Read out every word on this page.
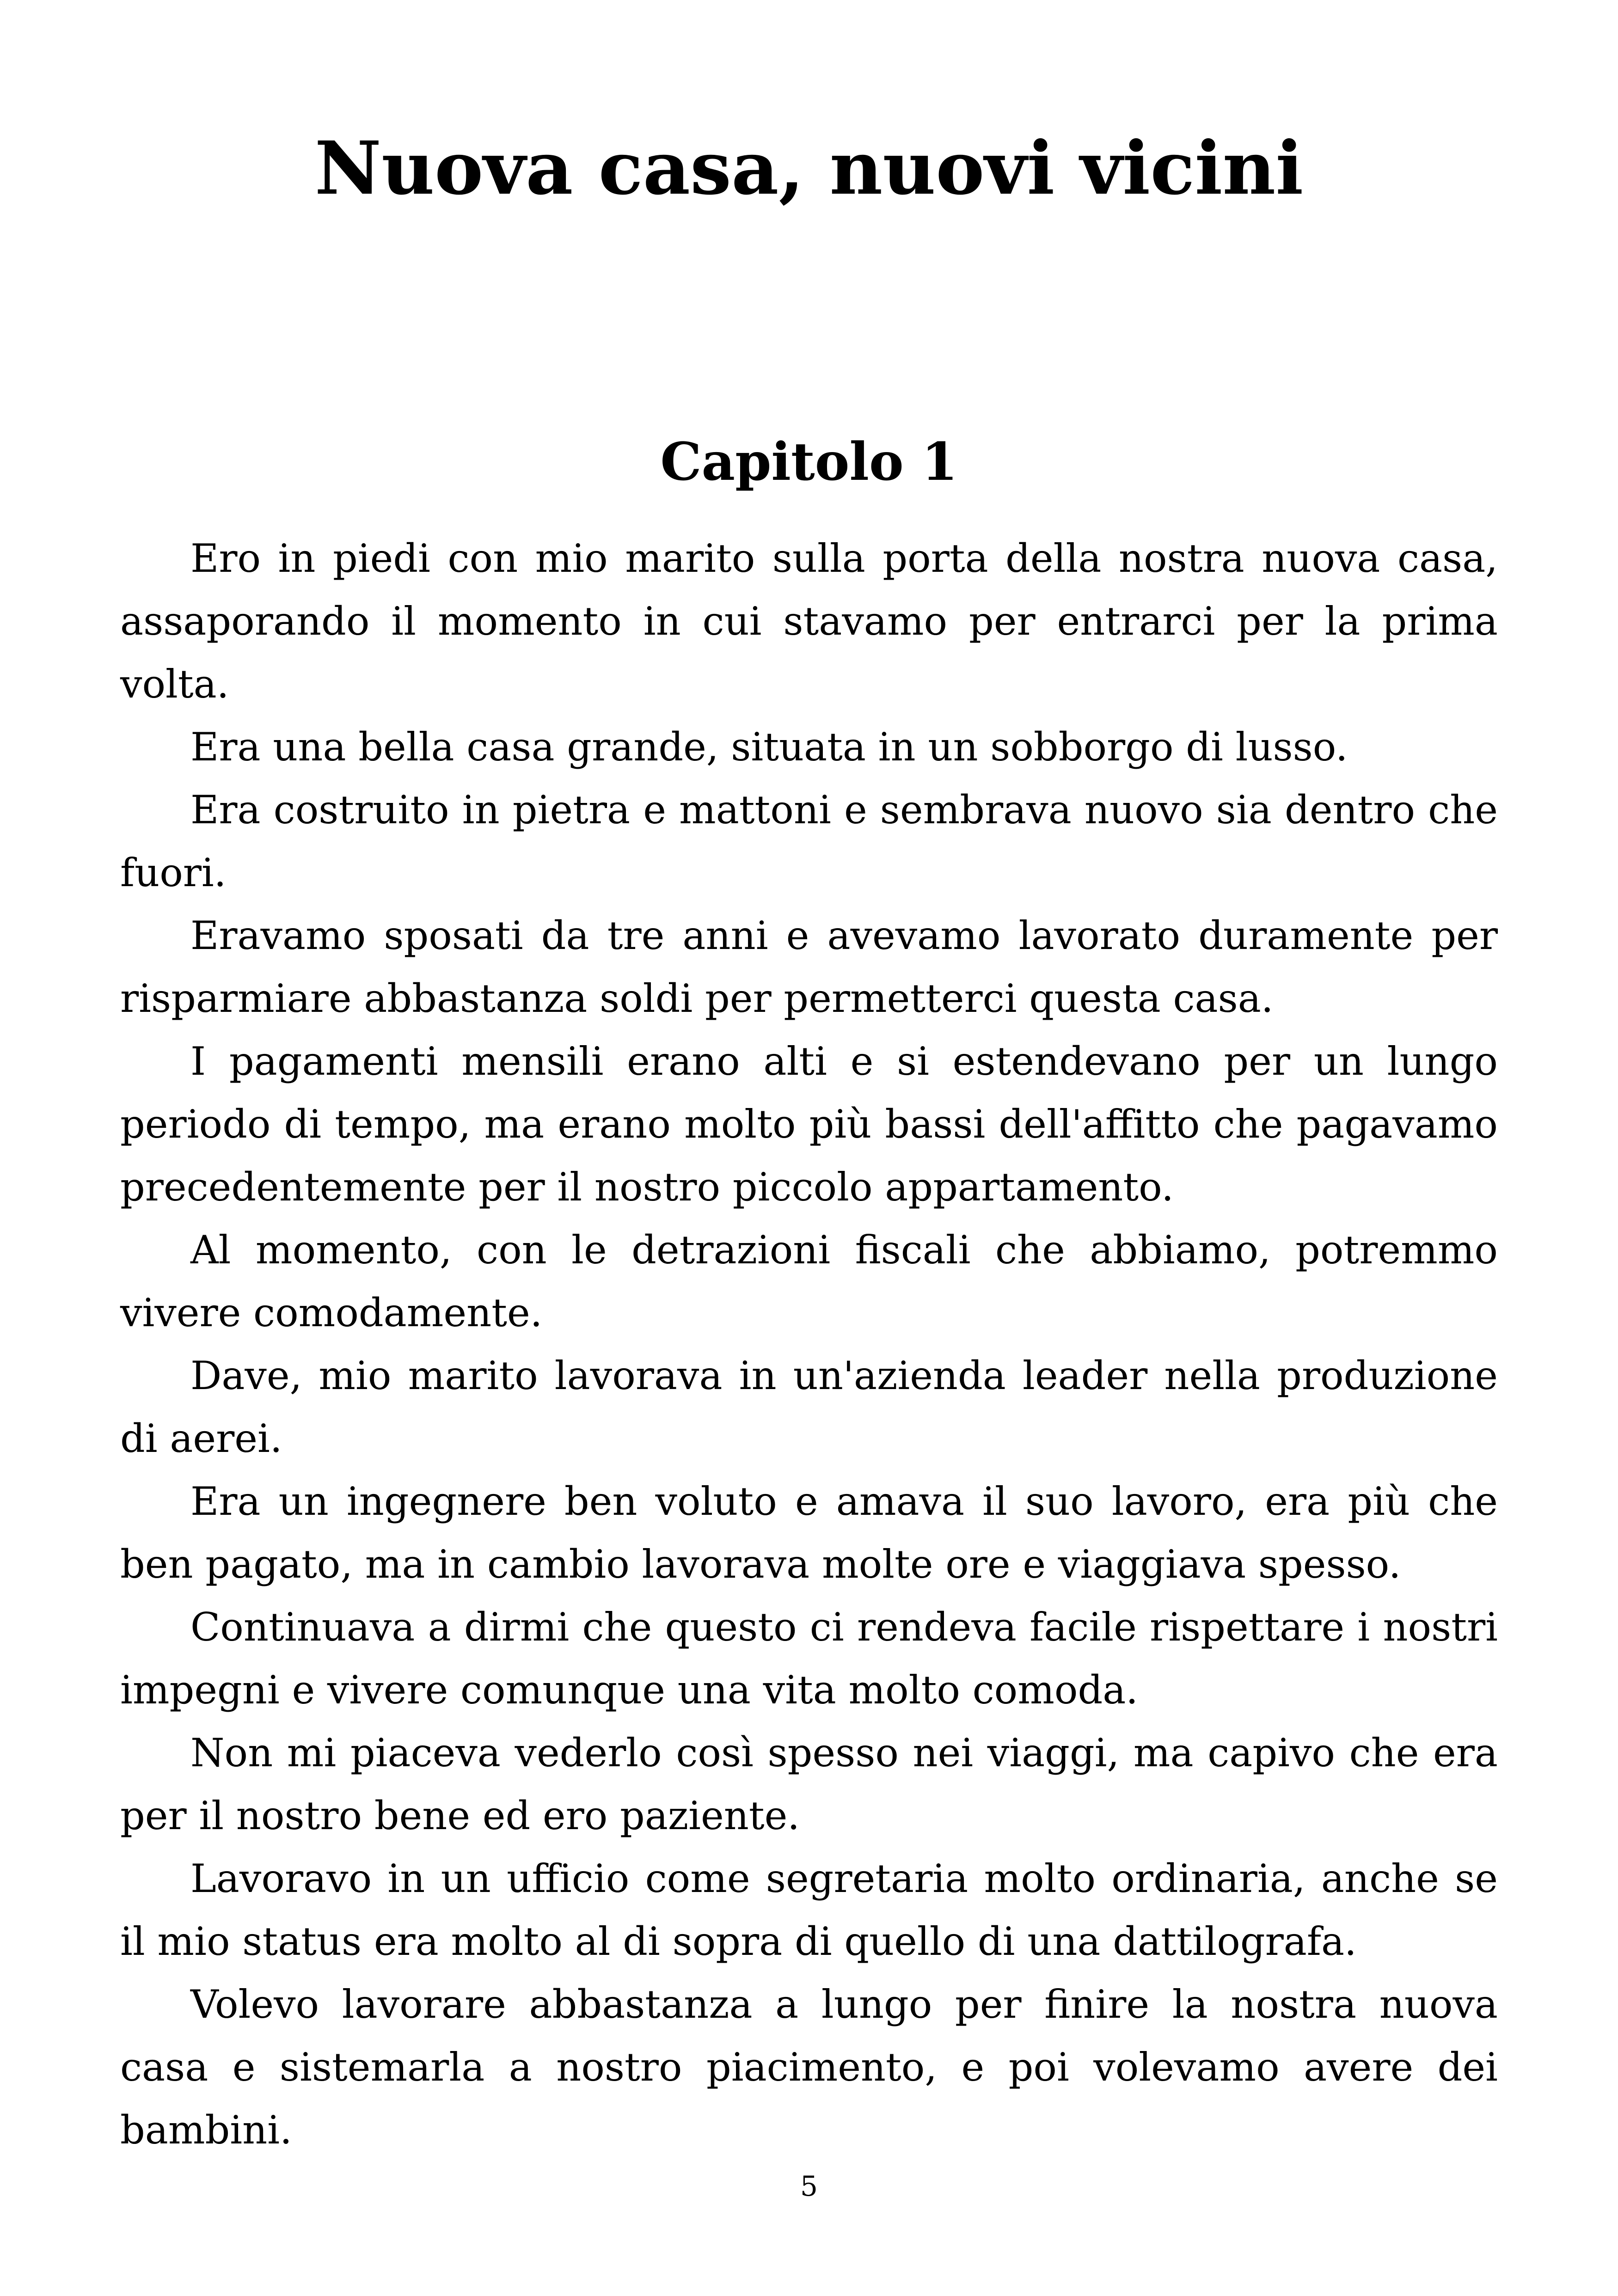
Nuova casa, nuovi vicini
Capitolo 1

Ero in piedi con mio marito sulla porta della nostra nuova casa, assaporando il momento in cui stavamo per entrarci per la prima volta.

Era una bella casa grande, situata in un sobborgo di lusso.

Era costruito in pietra e mattoni e sembrava nuovo sia dentro che fuori.

Eravamo sposati da tre anni e avevamo lavorato duramente per risparmiare abbastanza soldi per permetterci questa casa.

I pagamenti mensili erano alti e si estendevano per un lungo periodo di tempo, ma erano molto più bassi dell'affitto che pagavamo precedentemente per il nostro piccolo appartamento.

Al momento, con le detrazioni fiscali che abbiamo, potremmo vivere comodamente.

Dave, mio marito lavorava in un'azienda leader nella produzione di aerei.

Era un ingegnere ben voluto e amava il suo lavoro, era più che ben pagato, ma in cambio lavorava molte ore e viaggiava spesso.

Continuava a dirmi che questo ci rendeva facile rispettare i nostri impegni e vivere comunque una vita molto comoda.

Non mi piaceva vederlo così spesso nei viaggi, ma capivo che era per il nostro bene ed ero paziente.

Lavoravo in un ufficio come segretaria molto ordinaria, anche se il mio status era molto al di sopra di quello di una dattilografa.

Volevo lavorare abbastanza a lungo per finire la nostra nuova casa e sistemarla a nostro piacimento, e poi volevamo avere dei bambini.

5
